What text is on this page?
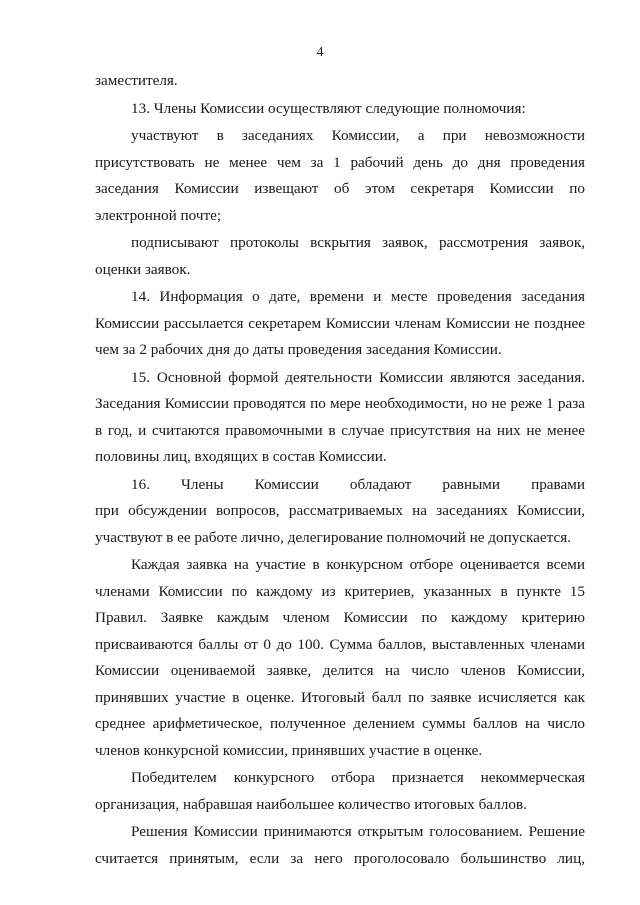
4
заместителя.
13. Члены Комиссии осуществляют следующие полномочия:
участвуют в заседаниях Комиссии, а при невозможности
присутствовать не менее чем за 1 рабочий день до дня проведения
заседания Комиссии извещают об этом секретаря Комиссии по
электронной почте;
подписывают протоколы вскрытия заявок, рассмотрения заявок,
оценки заявок.
14. Информация о дате, времени и месте проведения заседания
Комиссии рассылается секретарем Комиссии членам Комиссии не позднее
чем за 2 рабочих дня до даты проведения заседания Комиссии.
15. Основной формой деятельности Комиссии являются заседания.
Заседания Комиссии проводятся по мере необходимости, но не реже 1 раза
в год, и считаются правомочными в случае присутствия на них не менее
половины лиц, входящих в состав Комиссии.
16. Члены Комиссии обладают равными правами
при обсуждении вопросов, рассматриваемых на заседаниях Комиссии,
участвуют в ее работе лично, делегирование полномочий не допускается.
Каждая заявка на участие в конкурсном отборе оценивается всеми
членами Комиссии по каждому из критериев, указанных в пункте 15
Правил. Заявке каждым членом Комиссии по каждому критерию
присваиваются баллы от 0 до 100. Сумма баллов, выставленных членами
Комиссии оцениваемой заявке, делится на число членов Комиссии,
принявших участие в оценке. Итоговый балл по заявке исчисляется как
среднее арифметическое, полученное делением суммы баллов на число
членов конкурсной комиссии, принявших участие в оценке.
Победителем конкурсного отбора признается некоммерческая
организация, набравшая наибольшее количество итоговых баллов.
Решения Комиссии принимаются открытым голосованием. Решение
считается принятым, если за него проголосовало большинство лиц,
